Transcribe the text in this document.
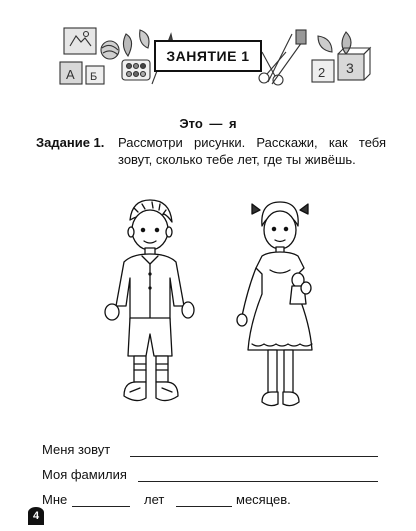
А Б	2 3
ЗАНЯТИЕ 1
Это — я
Задание 1. Рассмотри рисунки. Расскажи, как тебя зовут, сколько тебе лет, где ты живёшь.
Меня зовут
Моя фамилия
Мне	лет	месяцев.
4
